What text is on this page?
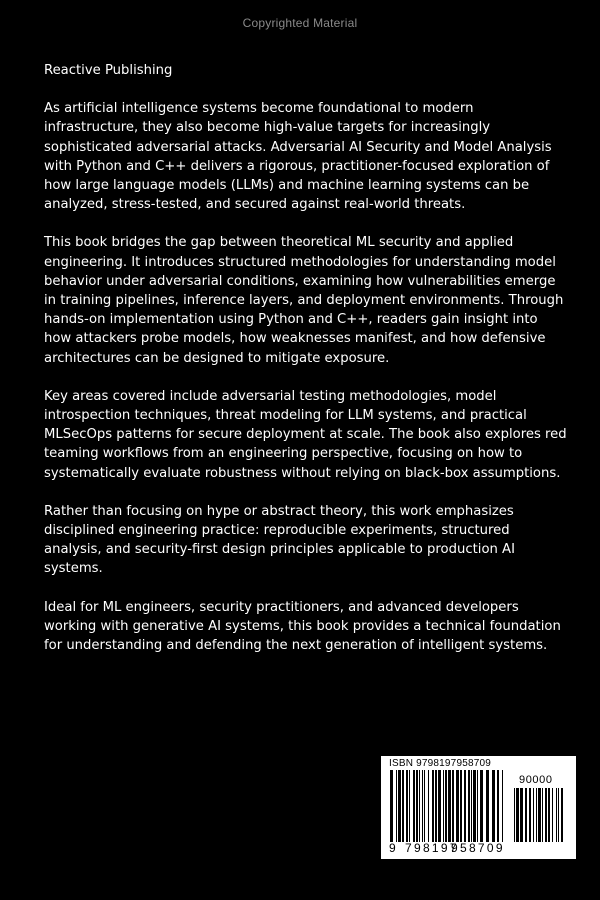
Copyrighted Material

Reactive Publishing

As artificial intelligence systems become foundational to modern infrastructure, they also become high-value targets for increasingly sophisticated adversarial attacks. Adversarial AI Security and Model Analysis with Python and C++ delivers a rigorous, practitioner-focused exploration of how large language models (LLMs) and machine learning systems can be analyzed, stress-tested, and secured against real-world threats.

This book bridges the gap between theoretical ML security and applied engineering. It introduces structured methodologies for understanding model behavior under adversarial conditions, examining how vulnerabilities emerge in training pipelines, inference layers, and deployment environments. Through hands-on implementation using Python and C++, readers gain insight into how attackers probe models, how weaknesses manifest, and how defensive architectures can be designed to mitigate exposure.

Key areas covered include adversarial testing methodologies, model introspection techniques, threat modeling for LLM systems, and practical MLSecOps patterns for secure deployment at scale. The book also explores red teaming workflows from an engineering perspective, focusing on how to systematically evaluate robustness without relying on black-box assumptions.

Rather than focusing on hype or abstract theory, this work emphasizes disciplined engineering practice: reproducible experiments, structured analysis, and security-first design principles applicable to production AI systems.

Ideal for ML engineers, security practitioners, and advanced developers working with generative AI systems, this book provides a technical foundation for understanding and defending the next generation of intelligent systems.

ISBN 9798197958709
90000
9 798197
958709
